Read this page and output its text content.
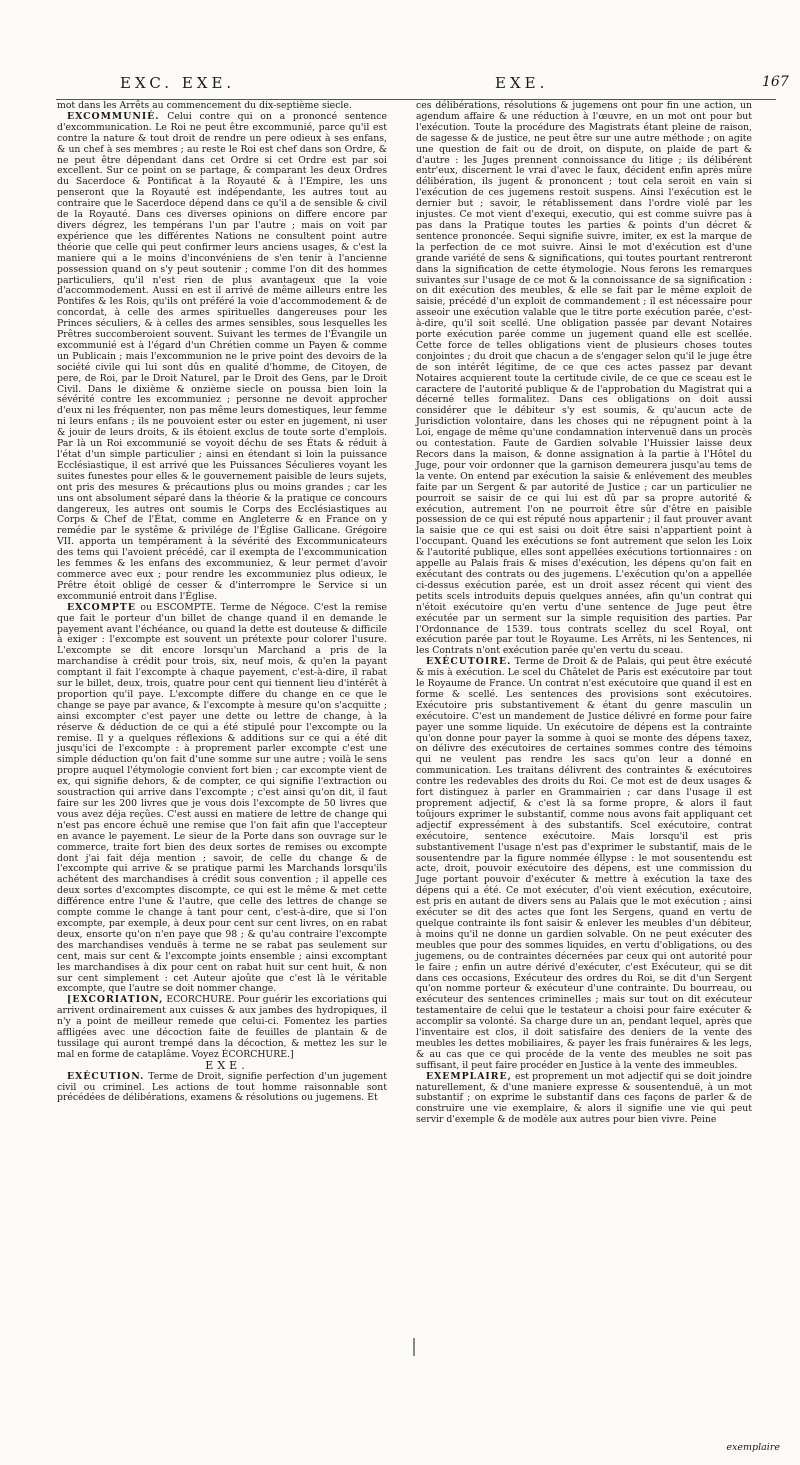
EXC. EXE.	EXE.	167

mot dans les Arrêts au commencement du dix-septième siecle.

EXCOMMUNIÉ. Celui contre qui on a prononcé sentence d'excommunication. Le Roi ne peut être excommunié, parce qu'il est contre la nature & tout droit de rendre un pere odieux à ses enfans, & un chef à ses membres ; au reste le Roi est chef dans son Ordre, & ne peut être dépendant dans cet Ordre si cet Ordre est par soi excellent. Sur ce point on se partage, & comparant les deux Ordres du Sacerdoce & Pontificat à la Royauté & à l'Empire, les uns penseront que la Royauté est indépendante, les autres tout au contraire que le Sacerdoce dépend dans ce qu'il a de sensible & civil de la Royauté. Dans ces diverses opinions on differe encore par divers dégrez, les tempérans l'un par l'autre ; mais on voit par expérience que les différentes Nations ne consultent point autre théorie que celle qui peut confirmer leurs anciens usages, & c'est la maniere qui a le moins d'inconvéniens de s'en tenir à l'ancienne possession quand on s'y peut soutenir ; comme l'on dit des hommes particuliers, qu'il n'est rien de plus avantageux que la voie d'accommodement. Aussi en est il arrivé de même ailleurs entre les Pontifes & les Rois, qu'ils ont préféré la voie d'accommodement & de concordat, à celle des armes spirituelles dangereuses pour les Princes séculiers, & à celles des armes sensibles, sous lesquelles les Prêtres succomberoient souvent. Suivant les termes de l'Évangile un excommunié est à l'égard d'un Chrétien comme un Payen & comme un Publicain ; mais l'excommunion ne le prive point des devoirs de la société civile qui lui sont dûs en qualité d'homme, de Citoyen, de pere, de Roi, par le Droit Naturel, par le Droit des Gens, par le Droit Civil. Dans le dixième & onzième siecle on poussa bien loin la sévérité contre les excommuniez ; personne ne devoit approcher d'eux ni les fréquenter, non pas même leurs domestiques, leur femme ni leurs enfans ; ils ne pouvoient ester ou ester en jugement, ni user & jouir de leurs droits, & ils étoient exclus de toute sorte d'emplois. Par là un Roi excommunié se voyoit déchu de ses États & réduit à l'état d'un simple particulier ; ainsi en étendant si loin la puissance Ecclésiastique, il est arrivé que les Puissances Séculieres voyant les suites funestes pour elles & le gouvernement paisible de leurs sujets, ont pris des mesures & précautions plus ou moins grandes ; car les uns ont absolument séparé dans la théorie & la pratique ce concours dangereux, les autres ont soumis le Corps des Ecclésiastiques au Corps & Chef de l'État, comme en Angleterre & en France on y remédie par le systême & privilége de l'Église Gallicane. Grégoire VII. apporta un tempérament à la sévérité des Excommunicateurs des tems qui l'avoient précédé, car il exempta de l'excommunication les femmes & les enfans des excommuniez, & leur permet d'avoir commerce avec eux ; pour rendre les excommuniez plus odieux, le Prêtre étoit obligé de cesser & d'interrompre le Service si un excommunié entroit dans l'Église.

EXCOMPTE ou ESCOMPTE. Terme de Négoce. C'est la remise que fait le porteur d'un billet de change quand il en demande le payement avant l'échéance, ou quand la dette est douteuse & difficile à exiger : l'excompte est souvent un prétexte pour colorer l'usure. L'excompte se dit encore lorsqu'un Marchand a pris de la marchandise à crédit pour trois, six, neuf mois, & qu'en la payant comptant il fait l'excompte à chaque payement, c'est-à-dire, il rabat sur le billet, deux, trois, quatre pour cent qui tiennent lieu d'intérêt à proportion qu'il paye. L'excompte differe du change en ce que le change se paye par avance, & l'excompte à mesure qu'on s'acquitte ; ainsi excompter c'est payer une dette ou lettre de change, à la réserve & déduction de ce qui a été stipulé pour l'excompte ou la remise. Il y a quelques réflexions & additions sur ce qui a été dit jusqu'ici de l'excompte : à proprement parler excompte c'est une simple déduction qu'on fait d'une somme sur une autre ; voilà le sens propre auquel l'étymologie convient fort bien ; car excompte vient de ex, qui signifie dehors, & de compter, ce qui signifie l'extraction ou soustraction qui arrive dans l'excompte ; c'est ainsi qu'on dit, il faut faire sur les 200 livres que je vous dois l'excompte de 50 livres que vous avez déja reçûes. C'est aussi en matiere de lettre de change qui n'est pas encore échuë une remise que l'on fait afin que l'accepteur en avance le payement. Le sieur de la Porte dans son ouvrage sur le commerce, traite fort bien des deux sortes de remises ou excompte dont j'ai fait déja mention ; savoir, de celle du change & de l'excompte qui arrive & se pratique parmi les Marchands lorsqu'ils achétent des marchandises à crédit sous convention ; il appelle ces deux sortes d'excomptes discompte, ce qui est le même & met cette différence entre l'une & l'autre, que celle des lettres de change se compte comme le change à tant pour cent, c'est-à-dire, que si l'on excompte, par exemple, à deux pour cent sur cent livres, on en rabat deux, ensorte qu'on n'en paye que 98 ; & qu'au contraire l'excompte des marchandises venduës à terme ne se rabat pas seulement sur cent, mais sur cent & l'excompte joints ensemble ; ainsi excomptant les marchandises à dix pour cent on rabat huit sur cent huit, & non sur cent simplement : cet Auteur ajoûte que c'est là le véritable excompte, que l'autre se doit nommer change.

[EXCORIATION, ECORCHURE. Pour guérir les excoriations qui arrivent ordinairement aux cuisses & aux jambes des hydropiques, il n'y a point de meilleur remede que celui-ci. Fomentez les parties affligées avec une décoction faite de feuilles de plantain & de tussilage qui auront trempé dans la décoction, & mettez les sur le mal en forme de cataplâme. Voyez ÉCORCHURE.]

EXE.

EXÉCUTION. Terme de Droit, signifie perfection d'un jugement civil ou criminel. Les actions de tout homme raisonnable sont précédées de délibérations, examens & résolutions ou jugemens. Et

ces délibérations, résolutions & jugemens ont pour fin une action, un agendum affaire & une réduction à l'œuvre, en un mot ont pour but l'exécution. Toute la procédure des Magistrats étant pleine de raison, de sagesse & de justice, ne peut être sur une autre méthode ; on agite une question de fait ou de droit, on dispute, on plaide de part & d'autre : les Juges prennent connoissance du litige ; ils délibérent entr'eux, discernent le vrai d'avec le faux, décident enfin après mûre délibération, ils jugent & prononcent ; tout cela seroit en vain si l'exécution de ces jugemens restoit suspens. Ainsi l'exécution est le dernier but ; savoir, le rétablissement dans l'ordre violé par les injustes. Ce mot vient d'exequi, executio, qui est comme suivre pas à pas dans la Pratique toutes les parties & points d'un décret & sentence prononcée. Sequi signifie suivre, imiter, ex est la marque de la perfection de ce mot suivre. Ainsi le mot d'exécution est d'une grande variété de sens & significations, qui toutes pourtant rentreront dans la signification de cette étymologie. Nous ferons les remarques suivantes sur l'usage de ce mot & la connoissance de sa signification : on dit exécution des meubles, & elle se fait par le même exploit de saisie, précédé d'un exploit de commandement ; il est nécessaire pour asseoir une exécution valable que le titre porte exécution parée, c'est-à-dire, qu'il soit scellé. Une obligation passée par devant Notaires porte exécution parée comme un jugement quand elle est scellée. Cette force de telles obligations vient de plusieurs choses toutes conjointes ; du droit que chacun a de s'engager selon qu'il le juge être de son intérêt légitime, de ce que ces actes passez par devant Notaires acquierent toute la certitude civile, de ce que ce sceau est le caractere de l'autorité publique & de l'approbation du Magistrat qui a décerné telles formalitez. Dans ces obligations on doit aussi considérer que le débiteur s'y est soumis, & qu'aucun acte de Jurisdiction volontaire, dans les choses qui ne répugnent point à la Loi, engage de même qu'une condamnation intervenuë dans un procès ou contestation. Faute de Gardien solvable l'Huissier laisse deux Recors dans la maison, & donne assignation à la partie à l'Hôtel du Juge, pour voir ordonner que la garnison demeurera jusqu'au tems de la vente. On entend par exécution la saisie & enlévement des meubles faite par un Sergent & par autorité de Justice ; car un particulier ne pourroit se saisir de ce qui lui est dû par sa propre autorité & exécution, autrement l'on ne pourroit être sûr d'être en paisible possession de ce qui est réputé nous appartenir ; il faut prouver avant la saisie que ce qui est saisi ou doit être saisi n'appartient point à l'occupant. Quand les exécutions se font autrement que selon les Loix & l'autorité publique, elles sont appellées exécutions tortionnaires : on appelle au Palais frais & mises d'exécution, les dépens qu'on fait en exécutant des contrats ou des jugemens. L'exécution qu'on a appellée ci-dessus exécution parée, est un droit assez récent qui vient des petits scels introduits depuis quelques années, afin qu'un contrat qui n'étoit exécutoire qu'en vertu d'une sentence de Juge peut être exécutée par un serment sur la simple requisition des parties. Par l'Ordonnance de 1539. tous contrats scellez du scel Royal, ont exécution parée par tout le Royaume. Les Arrêts, ni les Sentences, ni les Contrats n'ont exécution parée qu'en vertu du sceau.

EXÉCUTOIRE. Terme de Droit & de Palais, qui peut être exécuté & mis à exécution. Le scel du Châtelet de Paris est exécutoire par tout le Royaume de France. Un contrat n'est exécutoire que quand il est en forme & scellé. Les sentences des provisions sont exécutoires. Exécutoire pris substantivement & étant du genre masculin un exécutoire. C'est un mandement de Justice délivré en forme pour faire payer une somme liquide. Un exécutoire de dépens est la contrainte qu'on donne pour payer la somme à quoi se monte des dépens taxez, on délivre des exécutoires de certaines sommes contre des témoins qui ne veulent pas rendre les sacs qu'on leur a donné en communication. Les traitans délivrent des contraintes & exécutoires contre les redevables des droits du Roi. Ce mot est de deux usages & fort distinguez à parler en Grammairien ; car dans l'usage il est proprement adjectif, & c'est là sa forme propre, & alors il faut toûjours exprimer le substantif, comme nous avons fait appliquant cet adjectif expressément à des substantifs. Scel exécutoire, contrat exécutoire, sentence exécutoire. Mais lorsqu'il est pris substantivement l'usage n'est pas d'exprimer le substantif, mais de le sousentendre par la figure nommée éllypse : le mot sousentendu est acte, droit, pouvoir exécutoire des dépens, est une commission du Juge portant pouvoir d'exécuter & mettre à exécution la taxe des dépens qui a été. Ce mot exécuter, d'où vient exécution, exécutoire, est pris en autant de divers sens au Palais que le mot exécution ; ainsi exécuter se dit des actes que font les Sergens, quand en vertu de quelque contrainte ils font saisir & enlever les meubles d'un débiteur, à moins qu'il ne donne un gardien solvable. On ne peut exécuter des meubles que pour des sommes liquides, en vertu d'obligations, ou des jugemens, ou de contraintes décernées par ceux qui ont autorité pour le faire ; enfin un autre dérivé d'exécuter, c'est Exécuteur, qui se dit dans ces occasions, Exécuteur des ordres du Roi, se dit d'un Sergent qu'on nomme porteur & exécuteur d'une contrainte. Du bourreau, ou exécuteur des sentences criminelles ; mais sur tout on dit exécuteur testamentaire de celui que le testateur a choisi pour faire exécuter & accomplir sa volonté. Sa charge dure un an, pendant lequel, après que l'inventaire est clos, il doit satisfaire des deniers de la vente des meubles les dettes mobiliaires, & payer les frais funéraires & les legs, & au cas que ce qui procéde de la vente des meubles ne soit pas suffisant, il peut faire procéder en Justice à la vente des immeubles.

EXEMPLAIRE, est proprement un mot adjectif qui se doit joindre naturellement, & d'une maniere expresse & sousentenduë, à un mot substantif ; on exprime le substantif dans ces façons de parler & de construire une vie exemplaire, & alors il signifie une vie qui peut servir d'exemple & de modèle aux autres pour bien vivre. Peine

exemplaire
